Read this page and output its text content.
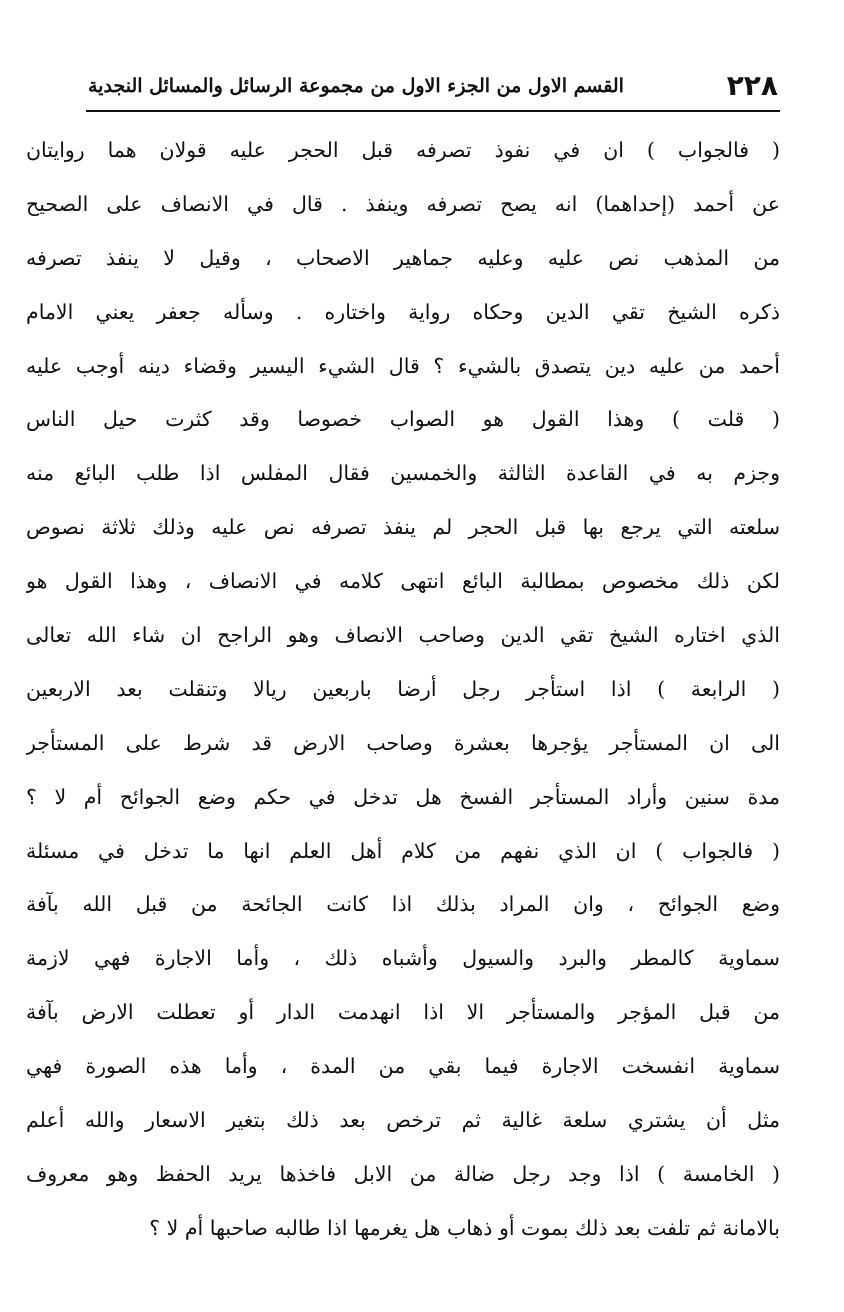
٢٢٨
القسم الاول من الجزء الاول من مجموعة الرسائل والمسائل النجدية
( فالجواب ) ان في نفوذ تصرفه قبل الحجر عليه قولان هما روايتان
عن أحمد (إحداهما) انه يصح تصرفه وينفذ . قال في الانصاف على الصحيح
من المذهب نص عليه وعليه جماهير الاصحاب ، وقيل لا ينفذ تصرفه
ذكره الشيخ تقي الدين وحكاه رواية واختاره . وسأله جعفر يعني الامام
أحمد من عليه دين يتصدق بالشيء ؟ قال الشيء اليسير وقضاء دينه أوجب عليه
( قلت ) وهذا القول هو الصواب خصوصا وقد كثرت حيل الناس
وجزم به في القاعدة الثالثة والخمسين فقال المفلس اذا طلب البائع منه
سلعته التي يرجع بها قبل الحجر لم ينفذ تصرفه نص عليه وذلك ثلاثة نصوص
لكن ذلك مخصوص بمطالبة البائع انتهى كلامه في الانصاف ، وهذا القول هو
الذي اختاره الشيخ تقي الدين وصاحب الانصاف وهو الراجح ان شاء الله تعالى
( الرابعة ) اذا استأجر رجل أرضا باربعين ريالا وتنقلت بعد الاربعين
الى ان المستأجر يؤجرها بعشرة وصاحب الارض قد شرط على المستأجر
مدة سنين وأراد المستأجر الفسخ هل تدخل في حكم وضع الجوائح أم لا ؟
( فالجواب ) ان الذي نفهم من كلام أهل العلم انها ما تدخل في مسئلة
وضع الجوائح ، وان المراد بذلك اذا كانت الجائحة من قبل الله بآفة
سماوية كالمطر والبرد والسيول وأشباه ذلك ، وأما الاجارة فهي لازمة
من قبل المؤجر والمستأجر الا اذا انهدمت الدار أو تعطلت الارض بآفة
سماوية انفسخت الاجارة فيما بقي من المدة ، وأما هذه الصورة فهي
مثل أن يشتري سلعة غالية ثم ترخص بعد ذلك بتغير الاسعار والله أعلم
( الخامسة ) اذا وجد رجل ضالة من الابل فاخذها يريد الحفظ وهو معروف
بالامانة ثم تلفت بعد ذلك بموت أو ذهاب هل يغرمها اذا طالبه صاحبها أم لا ؟
